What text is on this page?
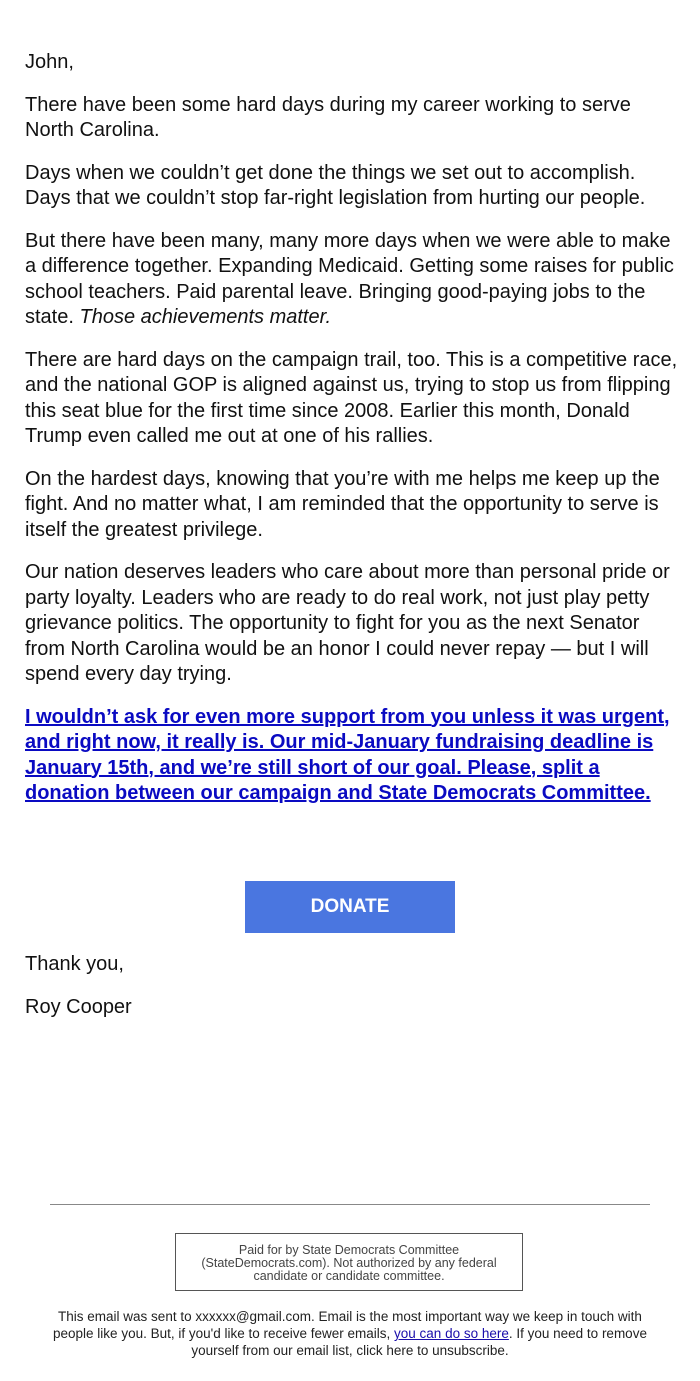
John,

There have been some hard days during my career working to serve North Carolina.

Days when we couldn’t get done the things we set out to accomplish. Days that we couldn’t stop far-right legislation from hurting our people.

But there have been many, many more days when we were able to make a difference together. Expanding Medicaid. Getting some raises for public school teachers. Paid parental leave. Bringing good-paying jobs to the state. Those achievements matter.

There are hard days on the campaign trail, too. This is a competitive race, and the national GOP is aligned against us, trying to stop us from flipping this seat blue for the first time since 2008. Earlier this month, Donald Trump even called me out at one of his rallies.

On the hardest days, knowing that you’re with me helps me keep up the fight. And no matter what, I am reminded that the opportunity to serve is itself the greatest privilege.

Our nation deserves leaders who care about more than personal pride or party loyalty. Leaders who are ready to do real work, not just play petty grievance politics. The opportunity to fight for you as the next Senator from North Carolina would be an honor I could never repay — but I will spend every day trying.

I wouldn’t ask for even more support from you unless it was urgent, and right now, it really is. Our mid-January fundraising deadline is January 15th, and we’re still short of our goal. Please, split a donation between our campaign and State Democrats Committee.

DONATE

Thank you,

Roy Cooper

Paid for by State Democrats Committee (StateDemocrats.com). Not authorized by any federal candidate or candidate committee.
This email was sent to xxxxxx@gmail.com. Email is the most important way we keep in touch with people like you. But, if you'd like to receive fewer emails, you can do so here. If you need to remove yourself from our email list, click here to unsubscribe.
